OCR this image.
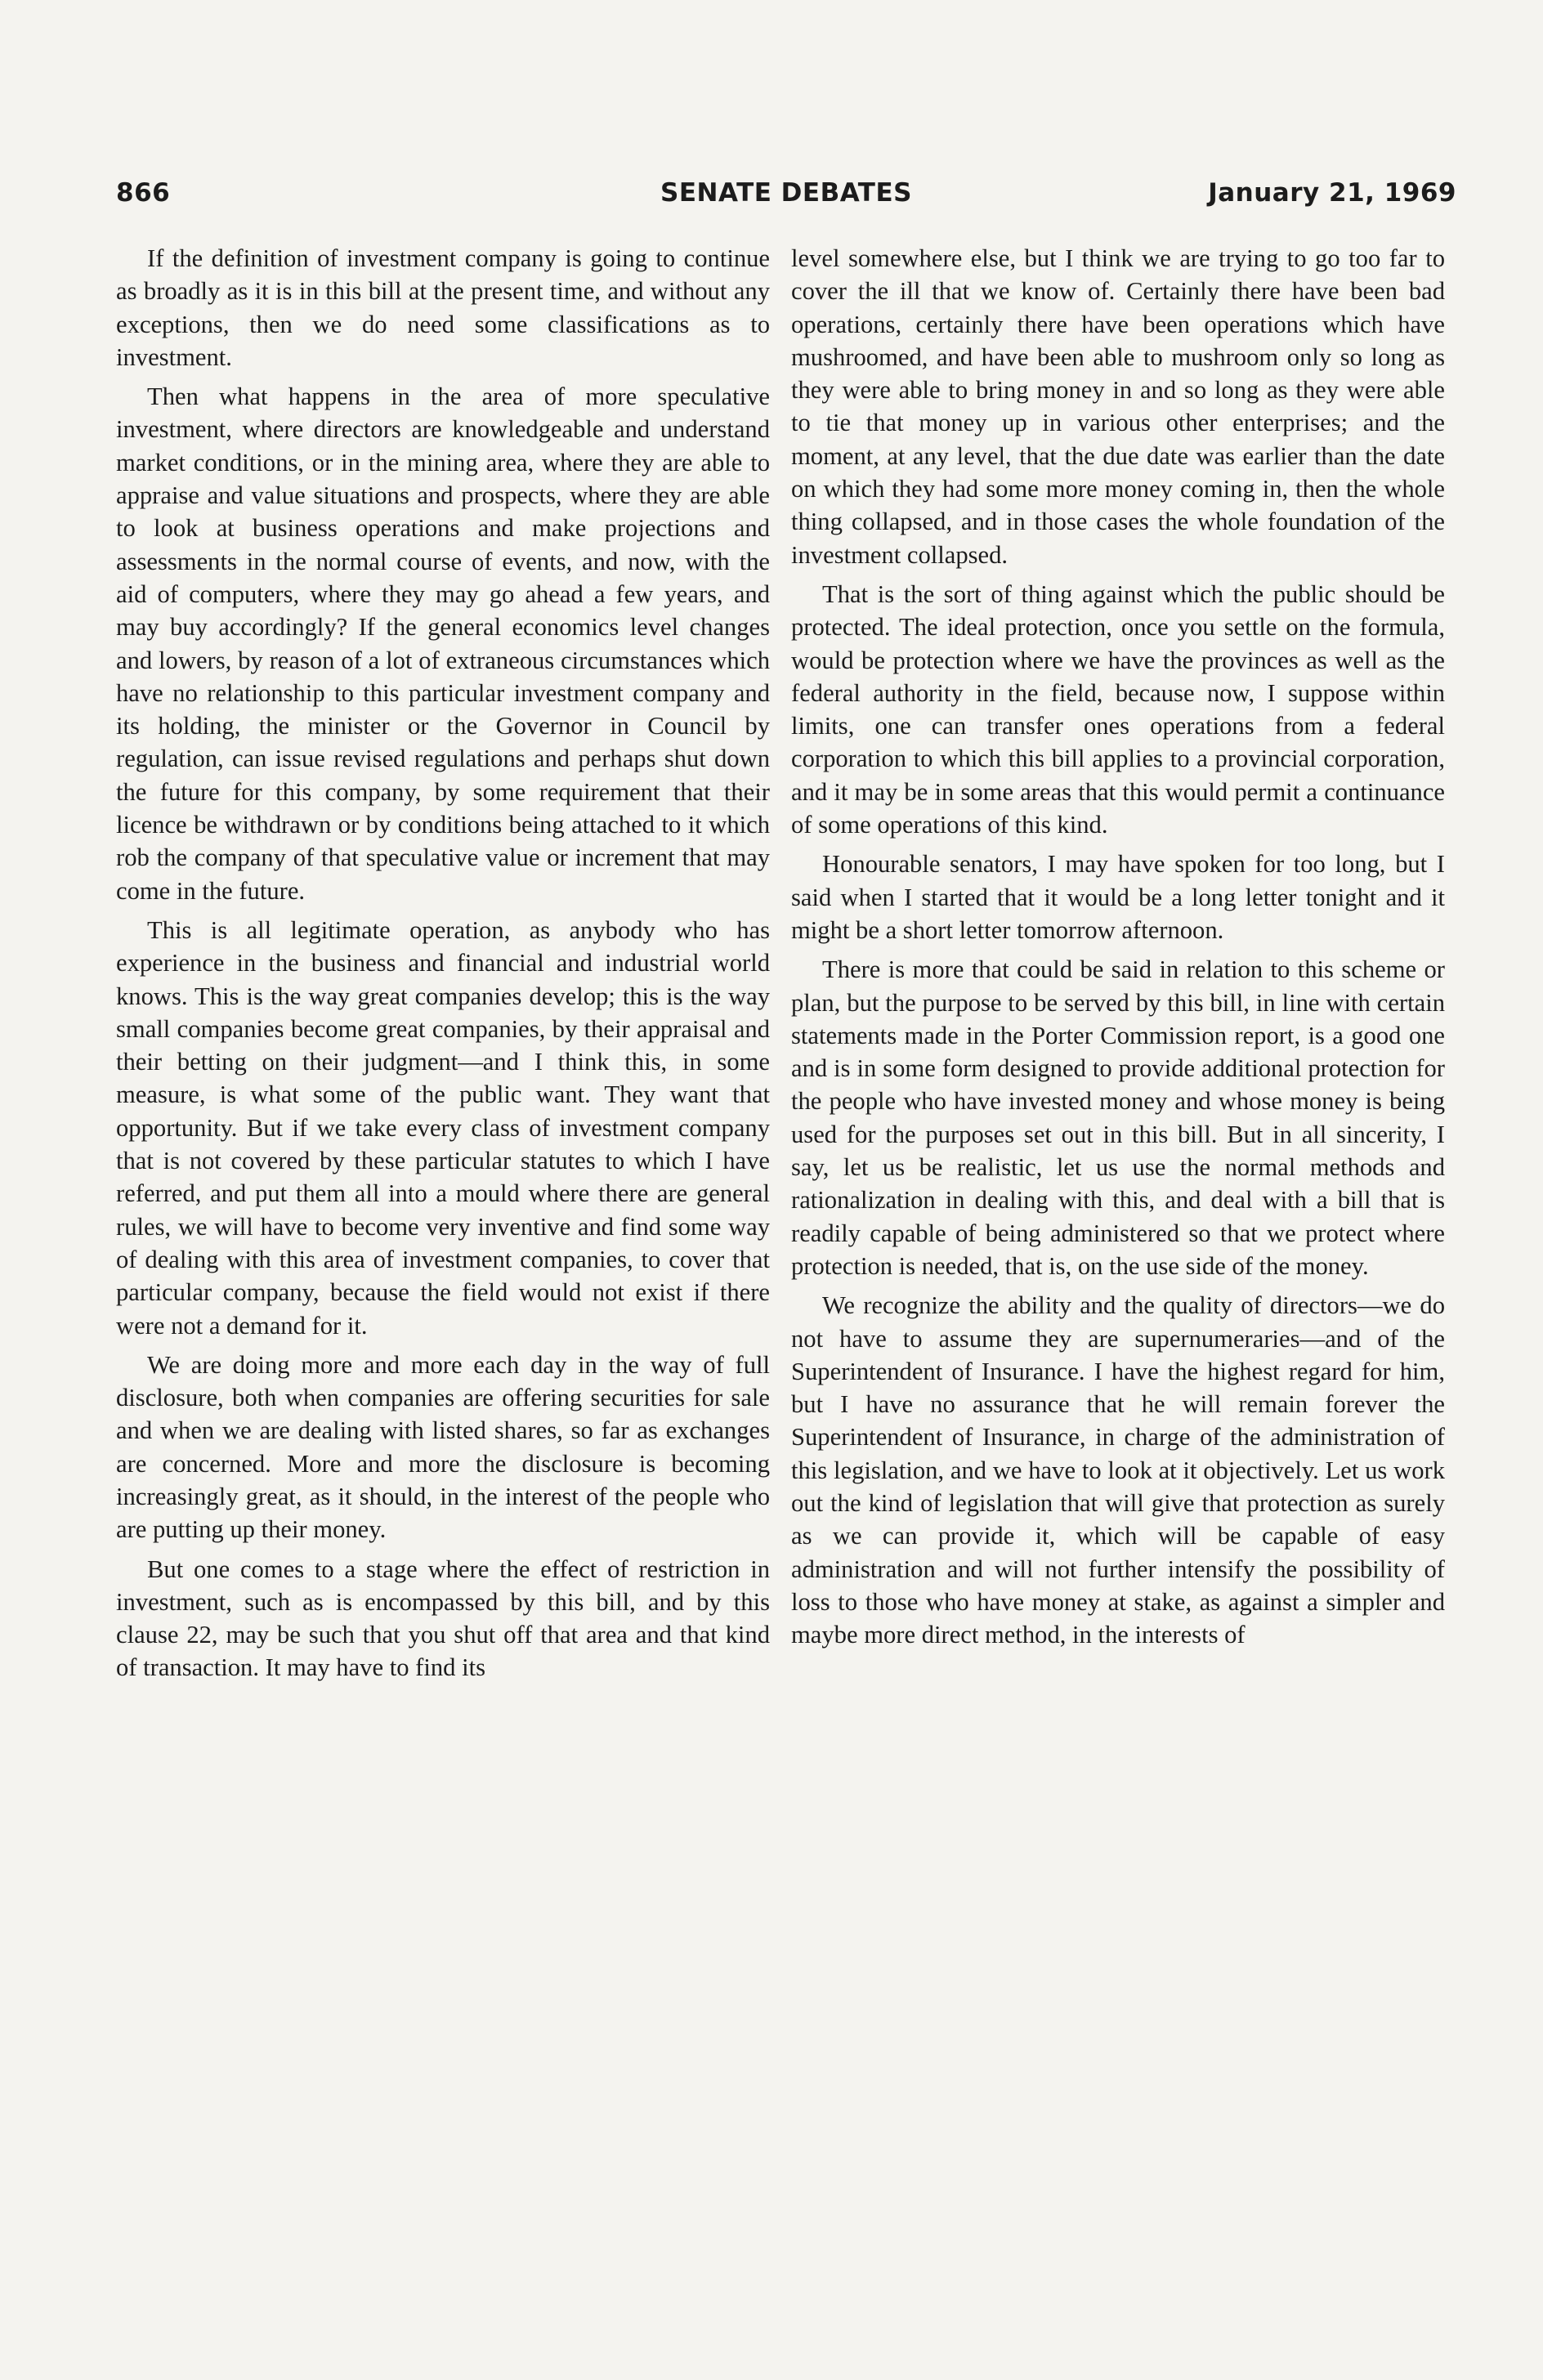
866	SENATE DEBATES	January 21, 1969

If the definition of investment company is going to continue as broadly as it is in this bill at the present time, and without any exceptions, then we do need some classifications as to investment.

Then what happens in the area of more speculative investment, where directors are knowledgeable and understand market conditions, or in the mining area, where they are able to appraise and value situations and prospects, where they are able to look at business operations and make projections and assessments in the normal course of events, and now, with the aid of computers, where they may go ahead a few years, and may buy accordingly? If the general economics level changes and lowers, by reason of a lot of extraneous circumstances which have no relationship to this particular investment company and its holding, the minister or the Governor in Council by regulation, can issue revised regulations and perhaps shut down the future for this company, by some requirement that their licence be withdrawn or by conditions being attached to it which rob the company of that speculative value or increment that may come in the future.

This is all legitimate operation, as anybody who has experience in the business and financial and industrial world knows. This is the way great companies develop; this is the way small companies become great companies, by their appraisal and their betting on their judgment—and I think this, in some measure, is what some of the public want. They want that opportunity. But if we take every class of investment company that is not covered by these particular statutes to which I have referred, and put them all into a mould where there are general rules, we will have to become very inventive and find some way of dealing with this area of investment companies, to cover that particular company, because the field would not exist if there were not a demand for it.

We are doing more and more each day in the way of full disclosure, both when companies are offering securities for sale and when we are dealing with listed shares, so far as exchanges are concerned. More and more the disclosure is becoming increasingly great, as it should, in the interest of the people who are putting up their money.

But one comes to a stage where the effect of restriction in investment, such as is encompassed by this bill, and by this clause 22, may be such that you shut off that area and that kind of transaction. It may have to find its

level somewhere else, but I think we are trying to go too far to cover the ill that we know of. Certainly there have been bad operations, certainly there have been operations which have mushroomed, and have been able to mushroom only so long as they were able to bring money in and so long as they were able to tie that money up in various other enterprises; and the moment, at any level, that the due date was earlier than the date on which they had some more money coming in, then the whole thing collapsed, and in those cases the whole foundation of the investment collapsed.

That is the sort of thing against which the public should be protected. The ideal protection, once you settle on the formula, would be protection where we have the provinces as well as the federal authority in the field, because now, I suppose within limits, one can transfer ones operations from a federal corporation to which this bill applies to a provincial corporation, and it may be in some areas that this would permit a continuance of some operations of this kind.

Honourable senators, I may have spoken for too long, but I said when I started that it would be a long letter tonight and it might be a short letter tomorrow afternoon.

There is more that could be said in relation to this scheme or plan, but the purpose to be served by this bill, in line with certain statements made in the Porter Commission report, is a good one and is in some form designed to provide additional protection for the people who have invested money and whose money is being used for the purposes set out in this bill. But in all sincerity, I say, let us be realistic, let us use the normal methods and rationalization in dealing with this, and deal with a bill that is readily capable of being administered so that we protect where protection is needed, that is, on the use side of the money.

We recognize the ability and the quality of directors—we do not have to assume they are supernumeraries—and of the Superintendent of Insurance. I have the highest regard for him, but I have no assurance that he will remain forever the Superintendent of Insurance, in charge of the administration of this legislation, and we have to look at it objectively. Let us work out the kind of legislation that will give that protection as surely as we can provide it, which will be capable of easy administration and will not further intensify the possibility of loss to those who have money at stake, as against a simpler and maybe more direct method, in the interests of
